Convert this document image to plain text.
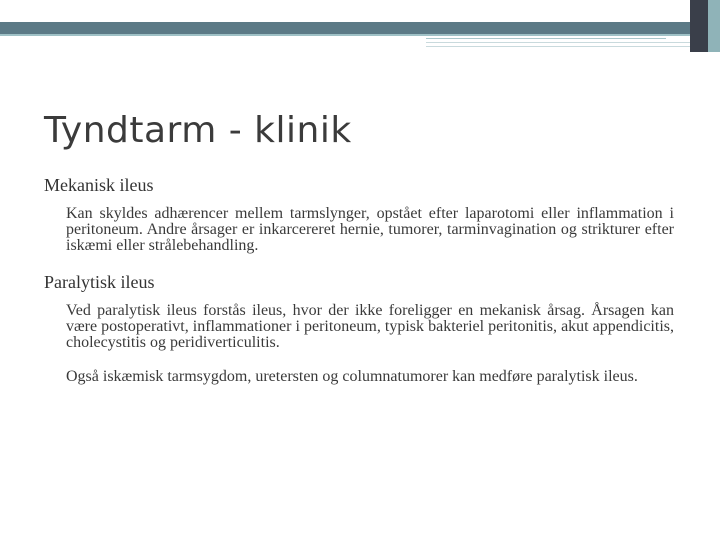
Tyndtarm - klinik
Mekanisk ileus

Kan skyldes adhærencer mellem tarmslynger, opstået efter laparotomi eller inflammation i peritoneum. Andre årsager er inkarcereret hernie, tumorer, tarminvagination og strikturer efter iskæmi eller strålebehandling.

Paralytisk ileus

Ved paralytisk ileus forstås ileus, hvor der ikke foreligger en mekanisk årsag. Årsagen kan være postoperativt, inflammationer i peritoneum, typisk bakteriel peritonitis, akut appendicitis, cholecystitis og peridiverticulitis.

Også iskæmisk tarmsygdom, uretersten og columnatumorer kan medføre paralytisk ileus.
